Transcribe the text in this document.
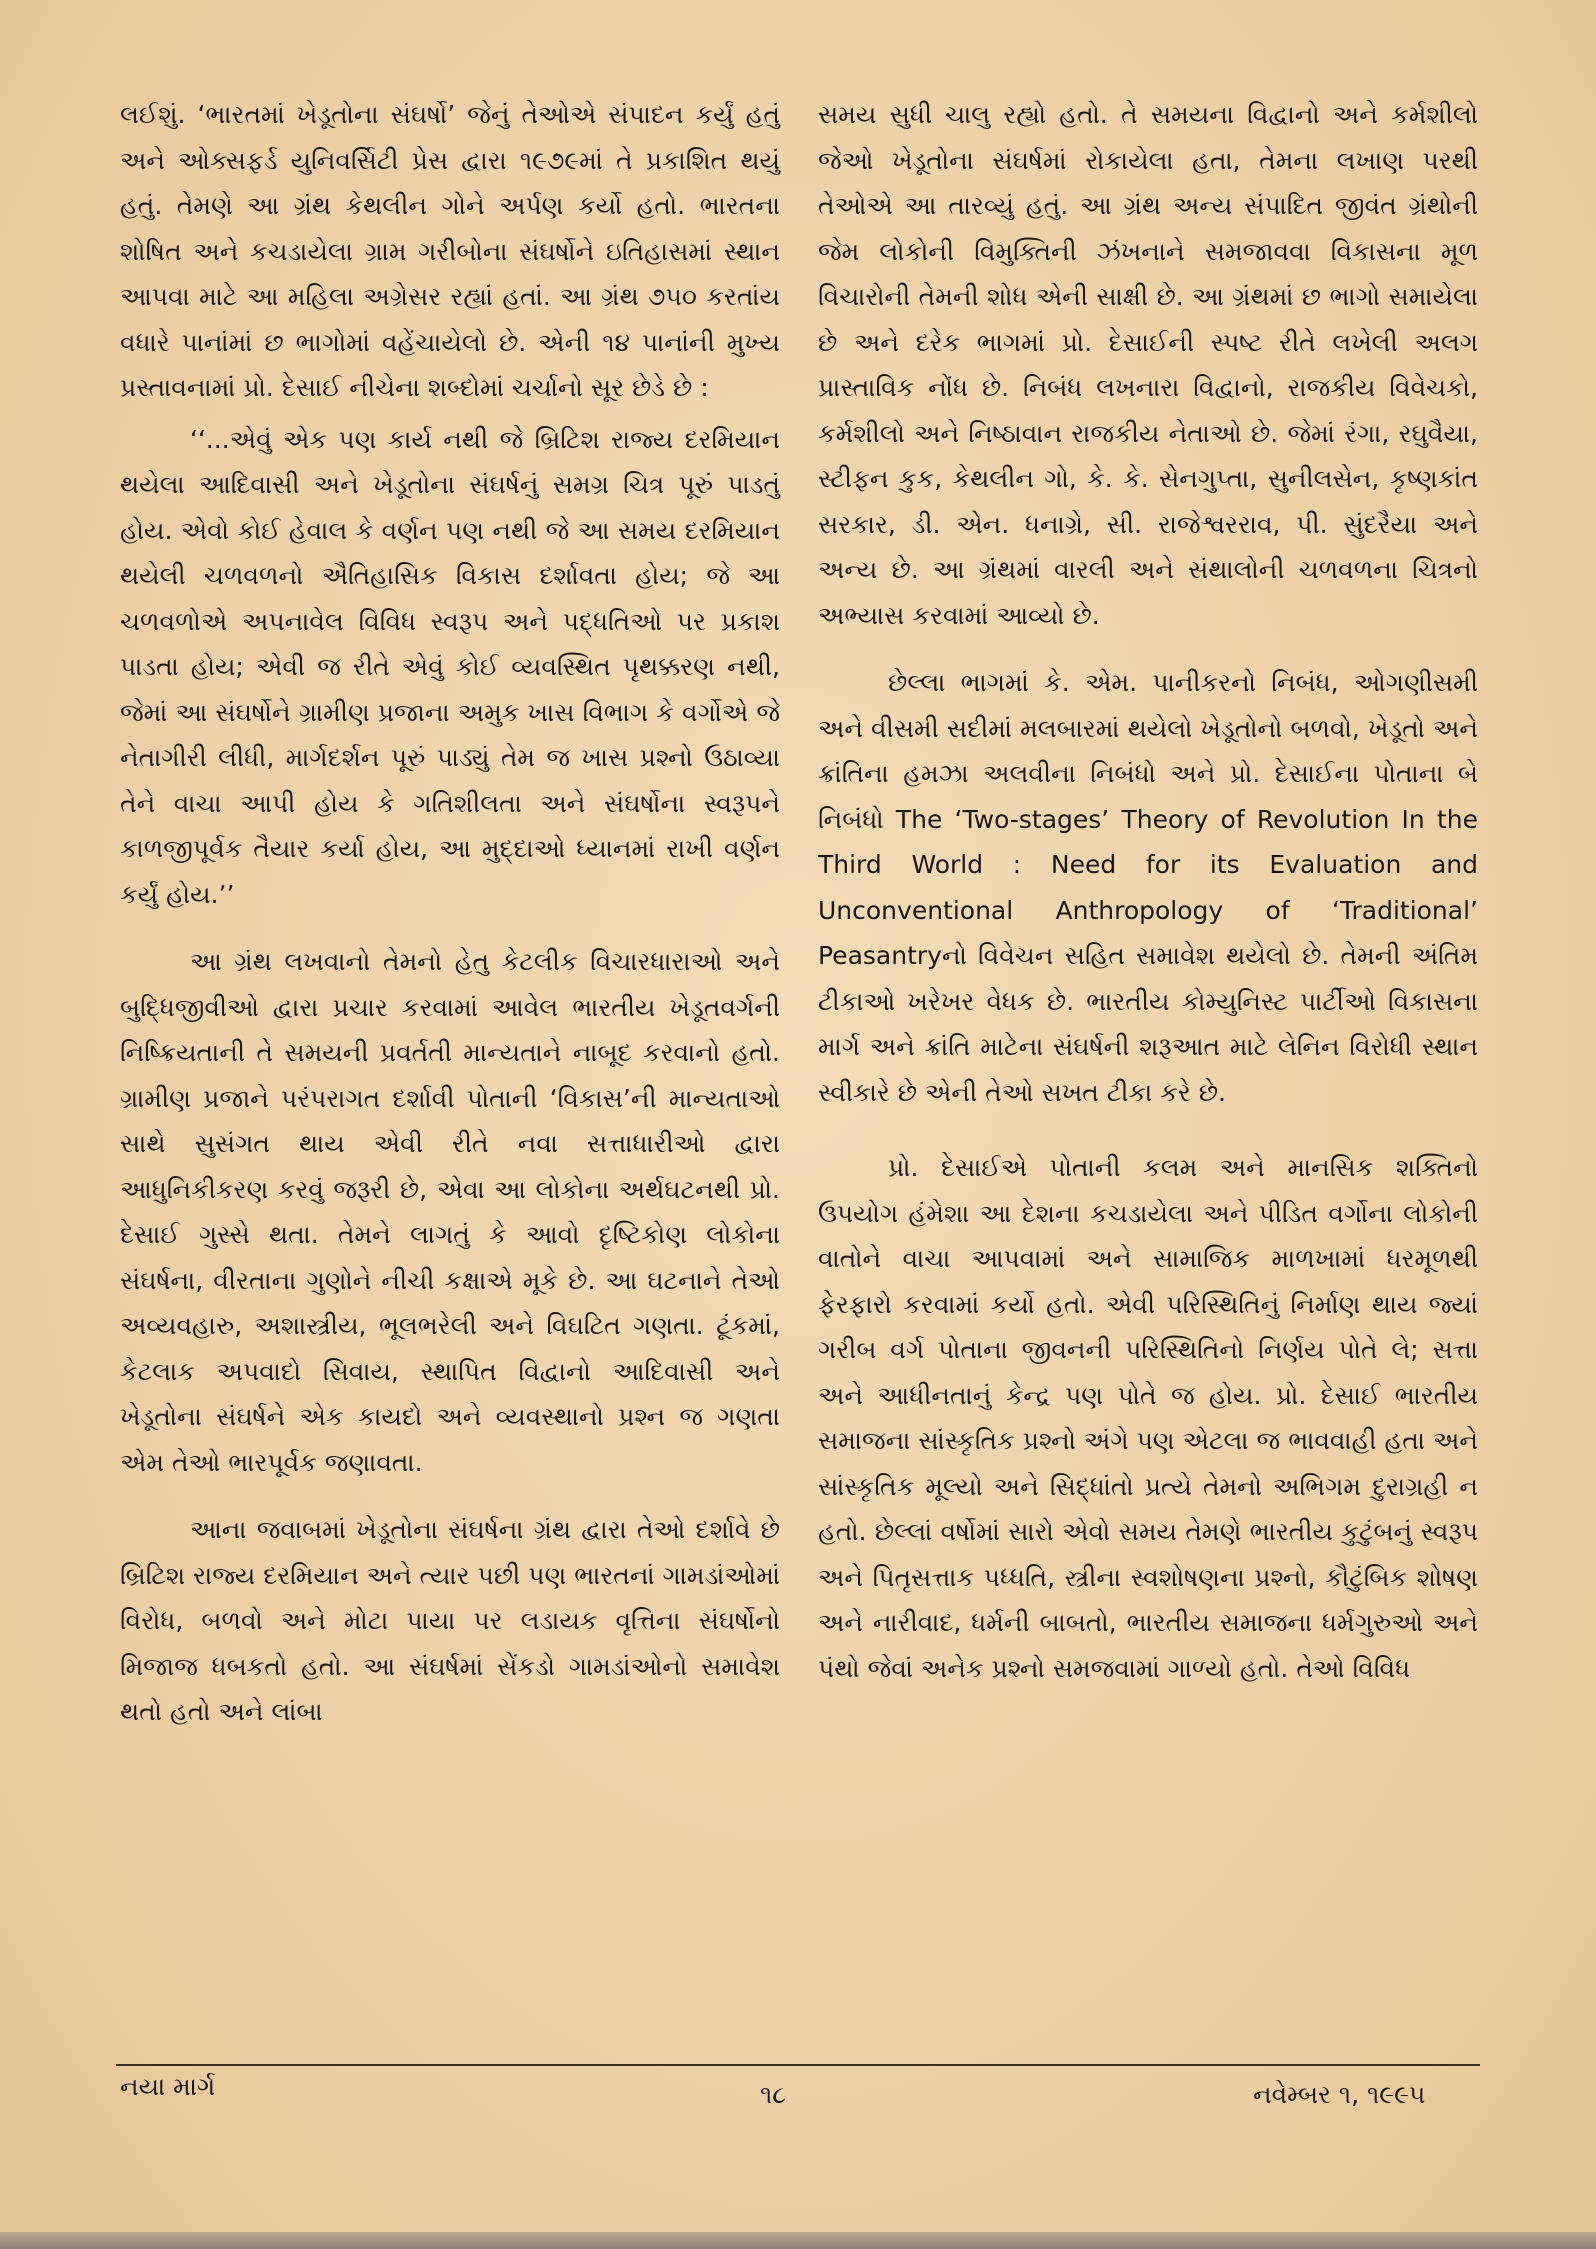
લઈશું. ‘ભારતમાં ખેડૂતોના સંઘર્ષો’ જેનું તેઓએ સંપાદન કર્યું હતું અને ઓક્સફર્ડ યુનિવર્સિટી પ્રેસ દ્વારા ૧૯૭૯માં તે પ્રકાશિત થયું હતું. તેમણે આ ગ્રંથ કેથલીન ગોને અર્પણ કર્યો હતો. ભારતના શોષિત અને કચડાયેલા ગ્રામ ગરીબોના સંઘર્ષોને ઇતિહાસમાં સ્થાન આપવા માટે આ મહિલા અગ્રેસર રહ્યાં હતાં. આ ગ્રંથ ૭૫૦ કરતાંય વધારે પાનાંમાં છ ભાગોમાં વહેંચાયેલો છે. એની ૧૪ પાનાંની મુખ્ય પ્રસ્તાવનામાં પ્રો. દેસાઈ નીચેના શબ્દોમાં ચર્ચાનો સૂર છેડે છે :

‘‘...એવું એક પણ કાર્ય નથી જે બ્રિટિશ રાજ્ય દરમિયાન થયેલા આદિવાસી અને ખેડૂતોના સંઘર્ષનું સમગ્ર ચિત્ર પૂરું પાડતું હોય. એવો કોઈ હેવાલ કે વર્ણન પણ નથી જે આ સમય દરમિયાન થયેલી ચળવળનો ઐતિહાસિક વિકાસ દર્શાવતા હોય; જે આ ચળવળોએ અપનાવેલ વિવિધ સ્વરૂપ અને પદ્ધતિઓ પર પ્રકાશ પાડતા હોય; એવી જ રીતે એવું કોઈ વ્યવસ્થિત પૃથક્કરણ નથી, જેમાં આ સંઘર્ષોને ગ્રામીણ પ્રજાના અમુક ખાસ વિભાગ કે વર્ગોએ જે નેતાગીરી લીધી, માર્ગદર્શન પૂરું પાડ્યું તેમ જ ખાસ પ્રશ્નો ઉઠાવ્યા તેને વાચા આપી હોય કે ગતિશીલતા અને સંઘર્ષોના સ્વરૂપને કાળજીપૂર્વક તૈયાર કર્યા હોય, આ મુદ્દાઓ ધ્યાનમાં રાખી વર્ણન કર્યું હોય.’’

આ ગ્રંથ લખવાનો તેમનો હેતુ કેટલીક વિચારધારાઓ અને બુદ્ધિજીવીઓ દ્વારા પ્રચાર કરવામાં આવેલ ભારતીય ખેડૂતવર્ગની નિષ્ક્રિયતાની તે સમયની પ્રવર્તતી માન્યતાને નાબૂદ કરવાનો હતો. ગ્રામીણ પ્રજાને પરંપરાગત દર્શાવી પોતાની ‘વિકાસ’ની માન્યતાઓ સાથે સુસંગત થાય એવી રીતે નવા સત્તાધારીઓ દ્વારા આધુનિકીકરણ કરવું જરૂરી છે, એવા આ લોકોના અર્થઘટનથી પ્રો. દેસાઈ ગુસ્સે થતા. તેમને લાગતું કે આવો દૃષ્ટિકોણ લોકોના સંઘર્ષના, વીરતાના ગુણોને નીચી કક્ષાએ મૂકે છે. આ ઘટનાને તેઓ અવ્યવહારુ, અશાસ્ત્રીય, ભૂલભરેલી અને વિઘટિત ગણતા. ટૂંકમાં, કેટલાક અપવાદો સિવાય, સ્થાપિત વિદ્વાનો આદિવાસી અને ખેડૂતોના સંઘર્ષને એક કાયદો અને વ્યવસ્થાનો પ્રશ્ન જ ગણતા એમ તેઓ ભારપૂર્વક જણાવતા.

આના જવાબમાં ખેડૂતોના સંઘર્ષના ગ્રંથ દ્વારા તેઓ દર્શાવે છે બ્રિટિશ રાજ્ય દરમિયાન અને ત્યાર પછી પણ ભારતનાં ગામડાંઓમાં વિરોધ, બળવો અને મોટા પાયા પર લડાયક વૃત્તિના સંઘર્ષોનો મિજાજ ધબકતો હતો. આ સંઘર્ષમાં સેંકડો ગામડાંઓનો સમાવેશ થતો હતો અને લાંબા

સમય સુધી ચાલુ રહ્યો હતો. તે સમયના વિદ્વાનો અને કર્મશીલો જેઓ ખેડૂતોના સંઘર્ષમાં રોકાયેલા હતા, તેમના લખાણ પરથી તેઓએ આ તારવ્યું હતું. આ ગ્રંથ અન્ય સંપાદિત જીવંત ગ્રંથોની જેમ લોકોની વિમુક્તિની ઝંખનાને સમજાવવા વિકાસના મૂળ વિચારોની તેમની શોધ એની સાક્ષી છે. આ ગ્રંથમાં છ ભાગો સમાયેલા છે અને દરેક ભાગમાં પ્રો. દેસાઈની સ્પષ્ટ રીતે લખેલી અલગ પ્રાસ્તાવિક નોંધ છે. નિબંધ લખનારા વિદ્વાનો, રાજકીય વિવેચકો, કર્મશીલો અને નિષ્ઠાવાન રાજકીય નેતાઓ છે. જેમાં રંગા, રઘુવૈયા, સ્ટીફન કુક, કેથલીન ગો, કે. કે. સેનગુપ્તા, સુનીલસેન, કૃષ્ણકાંત સરકાર, ડી. એન. ધનાગ્રે, સી. રાજેશ્વરરાવ, પી. સુંદરૈયા અને અન્ય છે. આ ગ્રંથમાં વારલી અને સંથાલોની ચળવળના ચિત્રનો અભ્યાસ કરવામાં આવ્યો છે.

છેલ્લા ભાગમાં કે. એમ. પાનીકરનો નિબંધ, ઓગણીસમી અને વીસમી સદીમાં મલબારમાં થયેલો ખેડૂતોનો બળવો, ખેડૂતો અને ક્રાંતિના હમઝા અલવીના નિબંધો અને પ્રો. દેસાઈના પોતાના બે નિબંધો The ‘Two-stages’ Theory of Revolution In the Third World : Need for its Evaluation and Unconventional Anthropology of ‘Traditional’ Peasantryનો વિવેચન સહિત સમાવેશ થયેલો છે. તેમની અંતિમ ટીકાઓ ખરેખર વેધક છે. ભારતીય કોમ્યુનિસ્ટ પાર્ટીઓ વિકાસના માર્ગ અને ક્રાંતિ માટેના સંઘર્ષની શરૂઆત માટે લેનિન વિરોધી સ્થાન સ્વીકારે છે એની તેઓ સખત ટીકા કરે છે.

પ્રો. દેસાઈએ પોતાની કલમ અને માનસિક શક્તિનો ઉપયોગ હંમેશા આ દેશના કચડાયેલા અને પીડિત વર્ગોના લોકોની વાતોને વાચા આપવામાં અને સામાજિક માળખામાં ધરમૂળથી ફેરફારો કરવામાં કર્યો હતો. એવી પરિસ્થિતિનું નિર્માણ થાય જ્યાં ગરીબ વર્ગ પોતાના જીવનની પરિસ્થિતિનો નિર્ણય પોતે લે; સત્તા અને આધીનતાનું કેન્દ્ર પણ પોતે જ હોય. પ્રો. દેસાઈ ભારતીય સમાજના સાંસ્કૃતિક પ્રશ્નો અંગે પણ એટલા જ ભાવવાહી હતા અને સાંસ્કૃતિક મૂલ્યો અને સિદ્ધાંતો પ્રત્યે તેમનો અભિગમ દુરાગ્રહી ન હતો. છેલ્લાં વર્ષોમાં સારો એવો સમય તેમણે ભારતીય કુટુંબનું સ્વરૂપ અને પિતૃસત્તાક પધ્ધતિ, સ્ત્રીના સ્વશોષણના પ્રશ્નો, કૌટુંબિક શોષણ અને નારીવાદ, ધર્મની બાબતો, ભારતીય સમાજના ધર્મગુરુઓ અને પંથો જેવાં અનેક પ્રશ્નો સમજવામાં ગાળ્યો હતો. તેઓ વિવિધ

નયા માર્ગ	૧૮	નવેમ્બર ૧, ૧૯૯૫
